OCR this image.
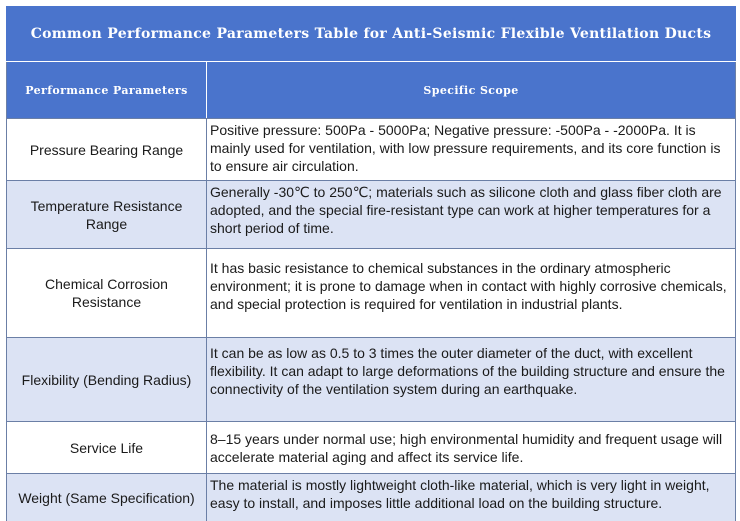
Common Performance Parameters Table for Anti-Seismic Flexible Ventilation Ducts	
Performance Parameters	Specific Scope
Pressure Bearing Range	Positive pressure: 500Pa - 5000Pa; Negative pressure: -500Pa - -2000Pa. It is mainly used for ventilation, with low pressure requirements, and its core function is to ensure air circulation.
Temperature Resistance Range	Generally -30℃ to 250℃; materials such as silicone cloth and glass fiber cloth are adopted, and the special fire-resistant type can work at higher temperatures for a short period of time.
Chemical Corrosion Resistance	It has basic resistance to chemical substances in the ordinary atmospheric environment; it is prone to damage when in contact with highly corrosive chemicals, and special protection is required for ventilation in industrial plants.
Flexibility (Bending Radius)	It can be as low as 0.5 to 3 times the outer diameter of the duct, with excellent flexibility. It can adapt to large deformations of the building structure and ensure the connectivity of the ventilation system during an earthquake.
Service Life	8–15 years under normal use; high environmental humidity and frequent usage will accelerate material aging and affect its service life.
Weight (Same Specification)	The material is mostly lightweight cloth-like material, which is very light in weight, easy to install, and imposes little additional load on the building structure.
